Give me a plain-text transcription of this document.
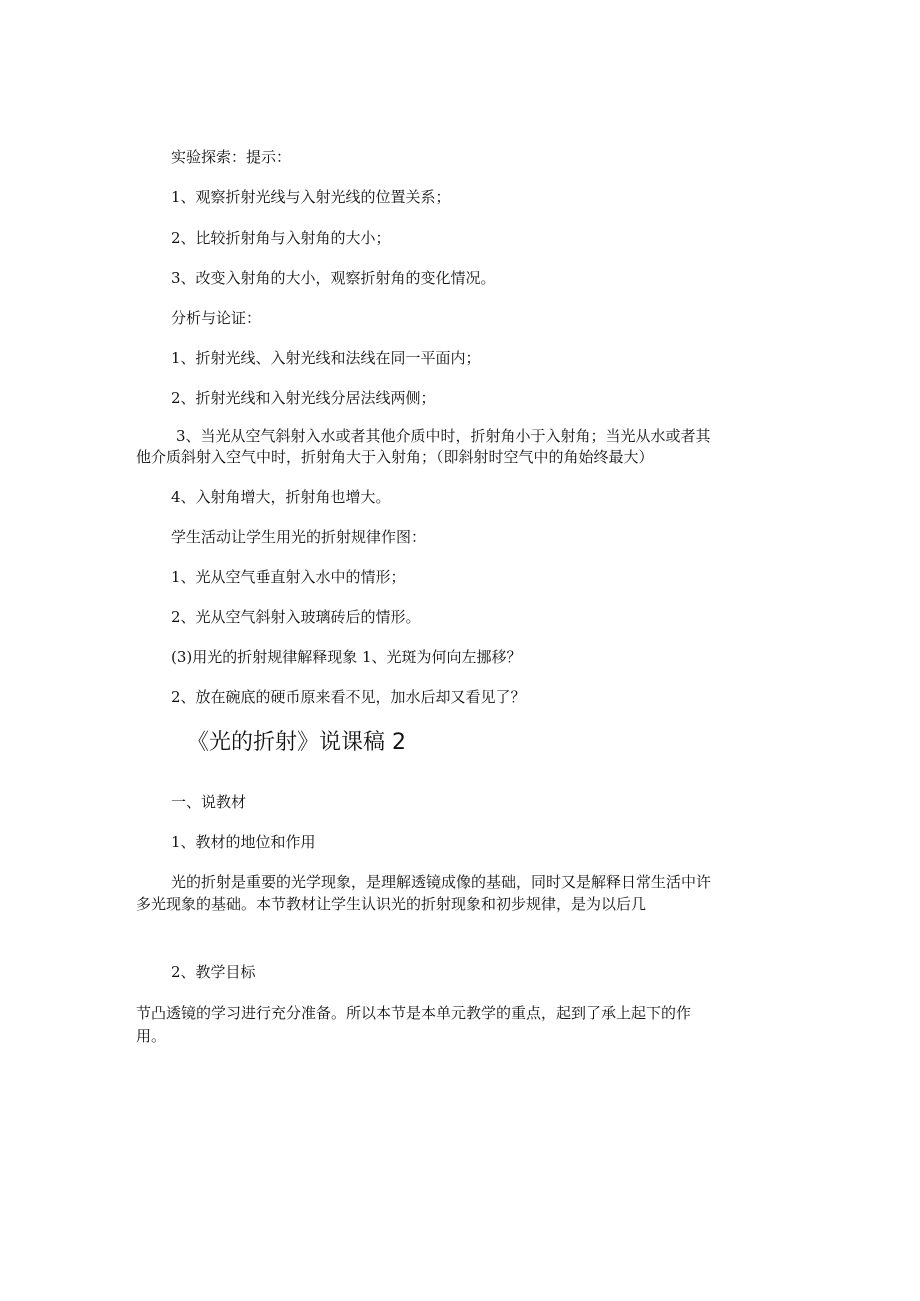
实验探索：提示：
1、观察折射光线与入射光线的位置关系；
2、比较折射角与入射角的大小；
3、改变入射角的大小，观察折射角的变化情况。
分析与论证：
1、折射光线、入射光线和法线在同一平面内；
2、折射光线和入射光线分居法线两侧；
3、当光从空气斜射入水或者其他介质中时，折射角小于入射角；当光从水或者其
他介质斜射入空气中时，折射角大于入射角；（即斜射时空气中的角始终最大）
4、入射角增大，折射角也增大。
学生活动让学生用光的折射规律作图：
1、光从空气垂直射入水中的情形；
2、光从空气斜射入玻璃砖后的情形。
(3)用光的折射规律解释现象 1、光斑为何向左挪移？
2、放在碗底的硬币原来看不见，加水后却又看见了？
《光的折射》说课稿 2
一、说教材
1、教材的地位和作用
光的折射是重要的光学现象，是理解透镜成像的基础，同时又是解释日常生活中许
多光现象的基础。本节教材让学生认识光的折射现象和初步规律，是为以后几
2、教学目标
节凸透镜的学习进行充分准备。所以本节是本单元教学的重点，起到了承上起下的作
用。
